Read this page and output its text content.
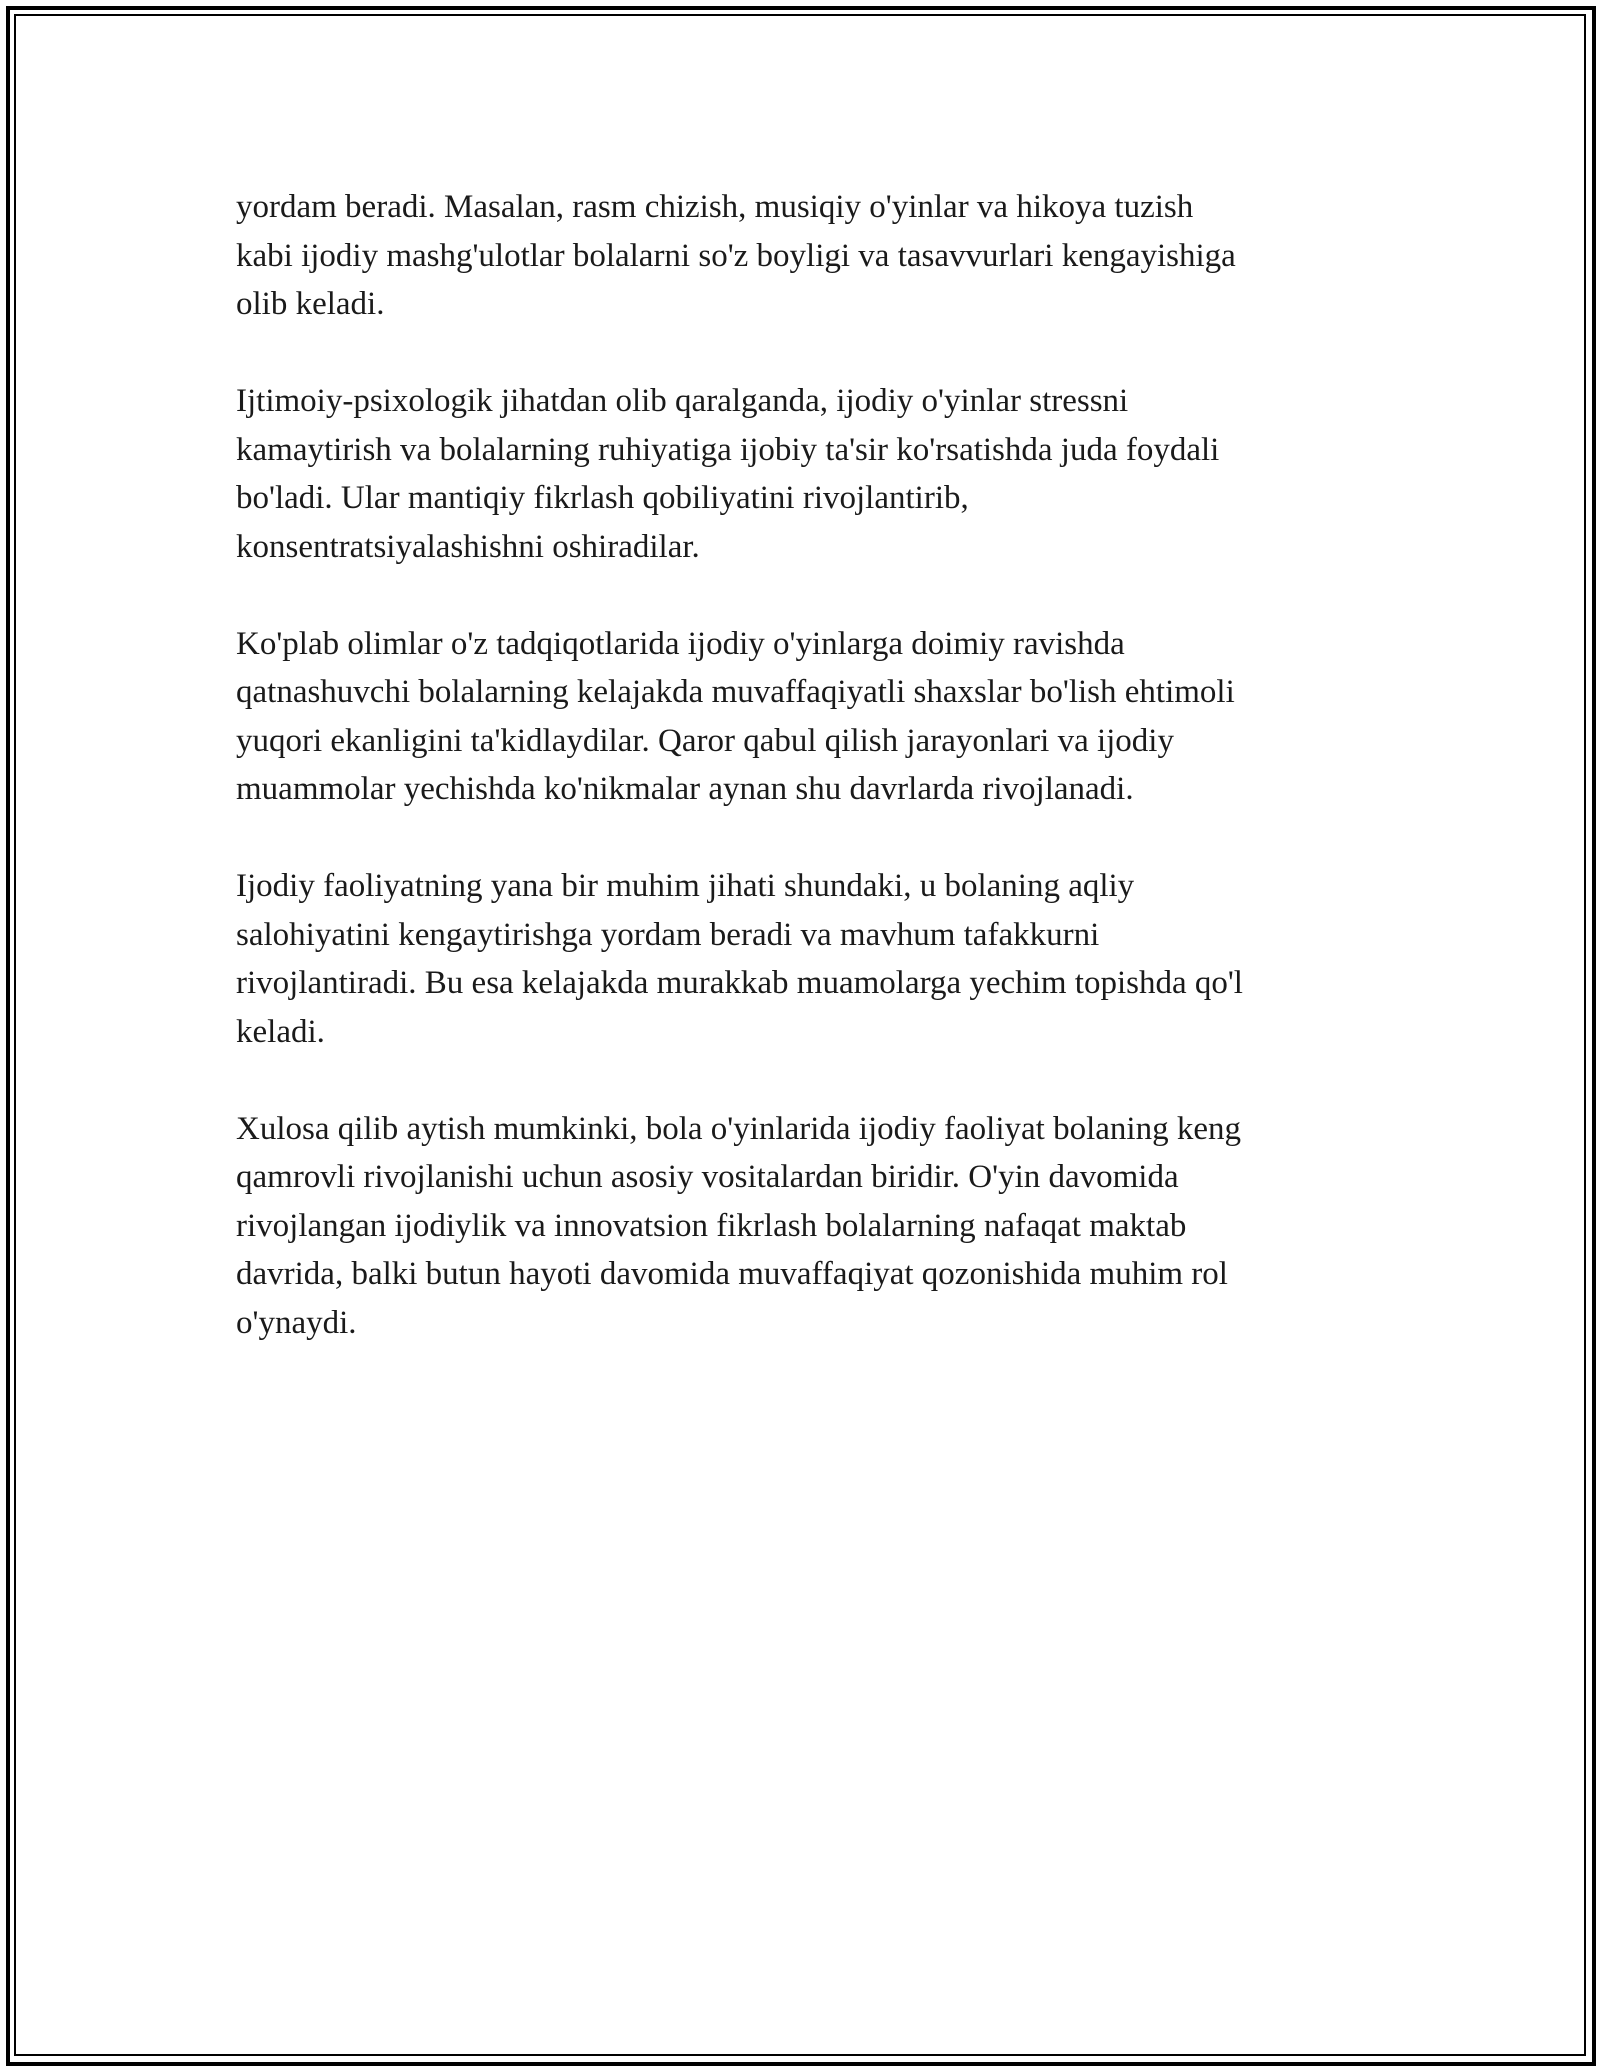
yordam beradi. Masalan, rasm chizish, musiqiy o'yinlar va hikoya tuzish
kabi ijodiy mashg'ulotlar bolalarni so'z boyligi va tasavvurlari kengayishiga
olib keladi.

Ijtimoiy-psixologik jihatdan olib qaralganda, ijodiy o'yinlar stressni
kamaytirish va bolalarning ruhiyatiga ijobiy ta'sir ko'rsatishda juda foydali
bo'ladi. Ular mantiqiy fikrlash qobiliyatini rivojlantirib,
konsentratsiyalashishni oshiradilar.

Ko'plab olimlar o'z tadqiqotlarida ijodiy o'yinlarga doimiy ravishda
qatnashuvchi bolalarning kelajakda muvaffaqiyatli shaxslar bo'lish ehtimoli
yuqori ekanligini ta'kidlaydilar. Qaror qabul qilish jarayonlari va ijodiy
muammolar yechishda ko'nikmalar aynan shu davrlarda rivojlanadi.

Ijodiy faoliyatning yana bir muhim jihati shundaki, u bolaning aqliy
salohiyatini kengaytirishga yordam beradi va mavhum tafakkurni
rivojlantiradi. Bu esa kelajakda murakkab muamolarga yechim topishda qo'l
keladi.

Xulosa qilib aytish mumkinki, bola o'yinlarida ijodiy faoliyat bolaning keng
qamrovli rivojlanishi uchun asosiy vositalardan biridir. O'yin davomida
rivojlangan ijodiylik va innovatsion fikrlash bolalarning nafaqat maktab
davrida, balki butun hayoti davomida muvaffaqiyat qozonishida muhim rol
o'ynaydi.
